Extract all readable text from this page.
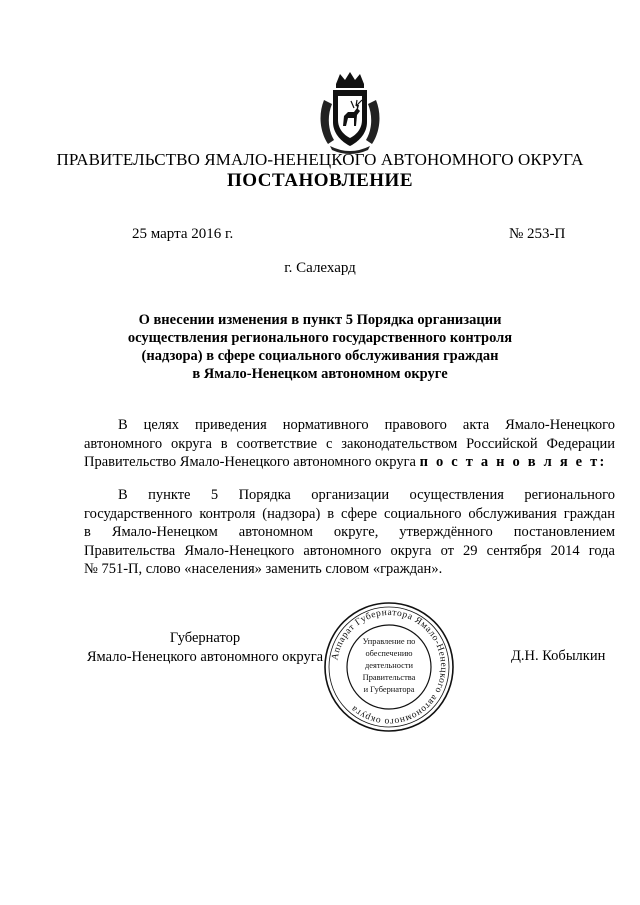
ПРАВИТЕЛЬСТВО ЯМАЛО-НЕНЕЦКОГО АВТОНОМНОГО ОКРУГА
ПОСТАНОВЛЕНИЕ
25 марта 2016 г.	№ 253-П
г. Салехард
О внесении изменения в пункт 5 Порядка организации
осуществления регионального государственного контроля
(надзора) в сфере социального обслуживания граждан
в Ямало-Ненецком автономном округе
В целях приведения нормативного правового акта Ямало-Ненецкого
автономного округа в соответствие с законодательством Российской Федерации
Правительство Ямало-Ненецкого автономного округа п о с т а н о в л я е т:
В пункте 5 Порядка организации осуществления регионального
государственного контроля (надзора) в сфере социального обслуживания граждан
в Ямало-Ненецком автономном округе, утверждённого постановлением
Правительства Ямало-Ненецкого автономного округа от 29 сентября 2014 года
№ 751-П, слово «населения» заменить словом «граждан».
Губернатор
Ямало-Ненецкого автономного округа	Д.Н. Кобылкин
Аппарат Губернатора Ямало-Ненецкого автономного округа
Управление по
обеспечению
деятельности
Правительства
и Губернатора
